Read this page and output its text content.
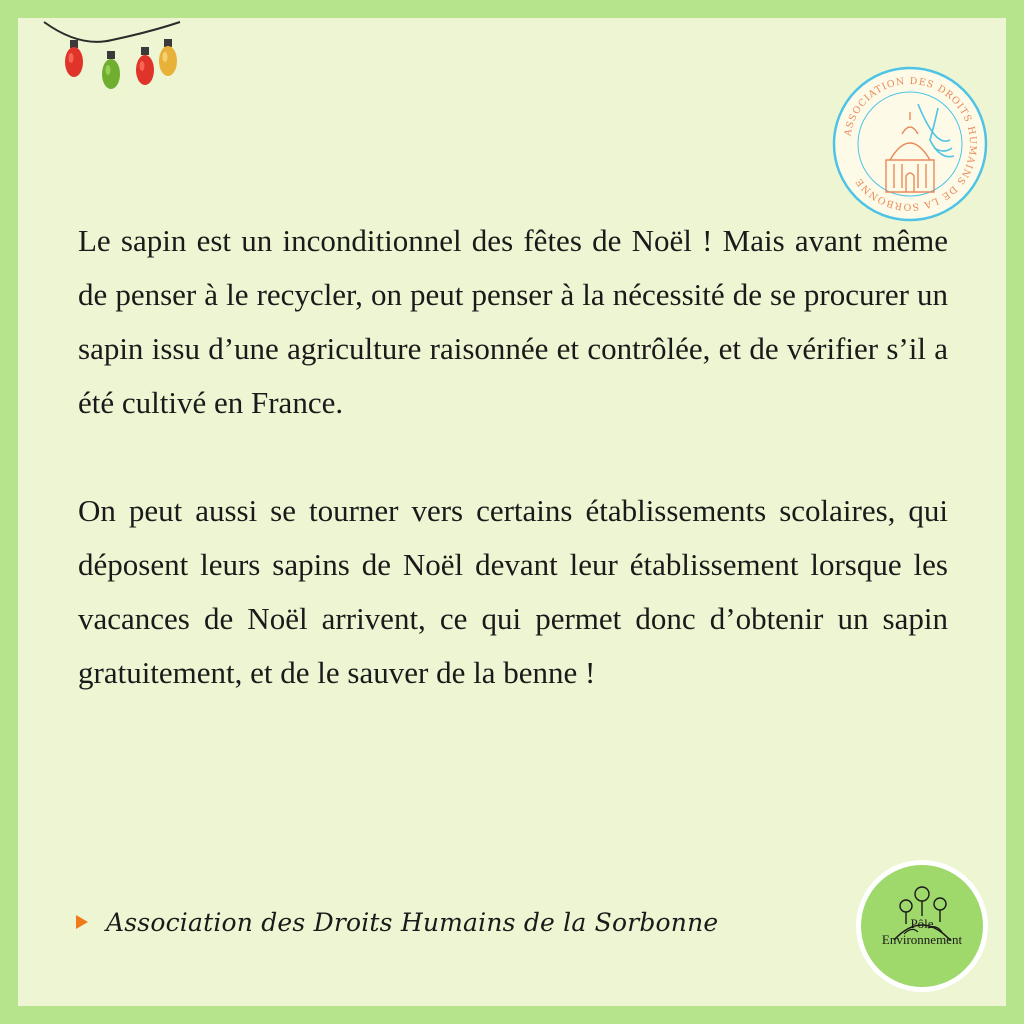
ASSOCIATION DES DROITS HUMAINS DE LA SORBONNE

Le sapin est un inconditionnel des fêtes de Noël ! Mais avant même de penser à le recycler, on peut penser à la nécessité de se procurer un sapin issu d’une agriculture raisonnée et contrôlée, et de vérifier s’il a été cultivé en France.

On peut aussi se tourner vers certains établissements scolaires, qui déposent leurs sapins de Noël devant leur établissement lorsque les vacances de Noël arrivent, ce qui permet donc d’obtenir un sapin gratuitement, et de le sauver de la benne !

Association des Droits Humains de la Sorbonne	Pôle
Environnement
